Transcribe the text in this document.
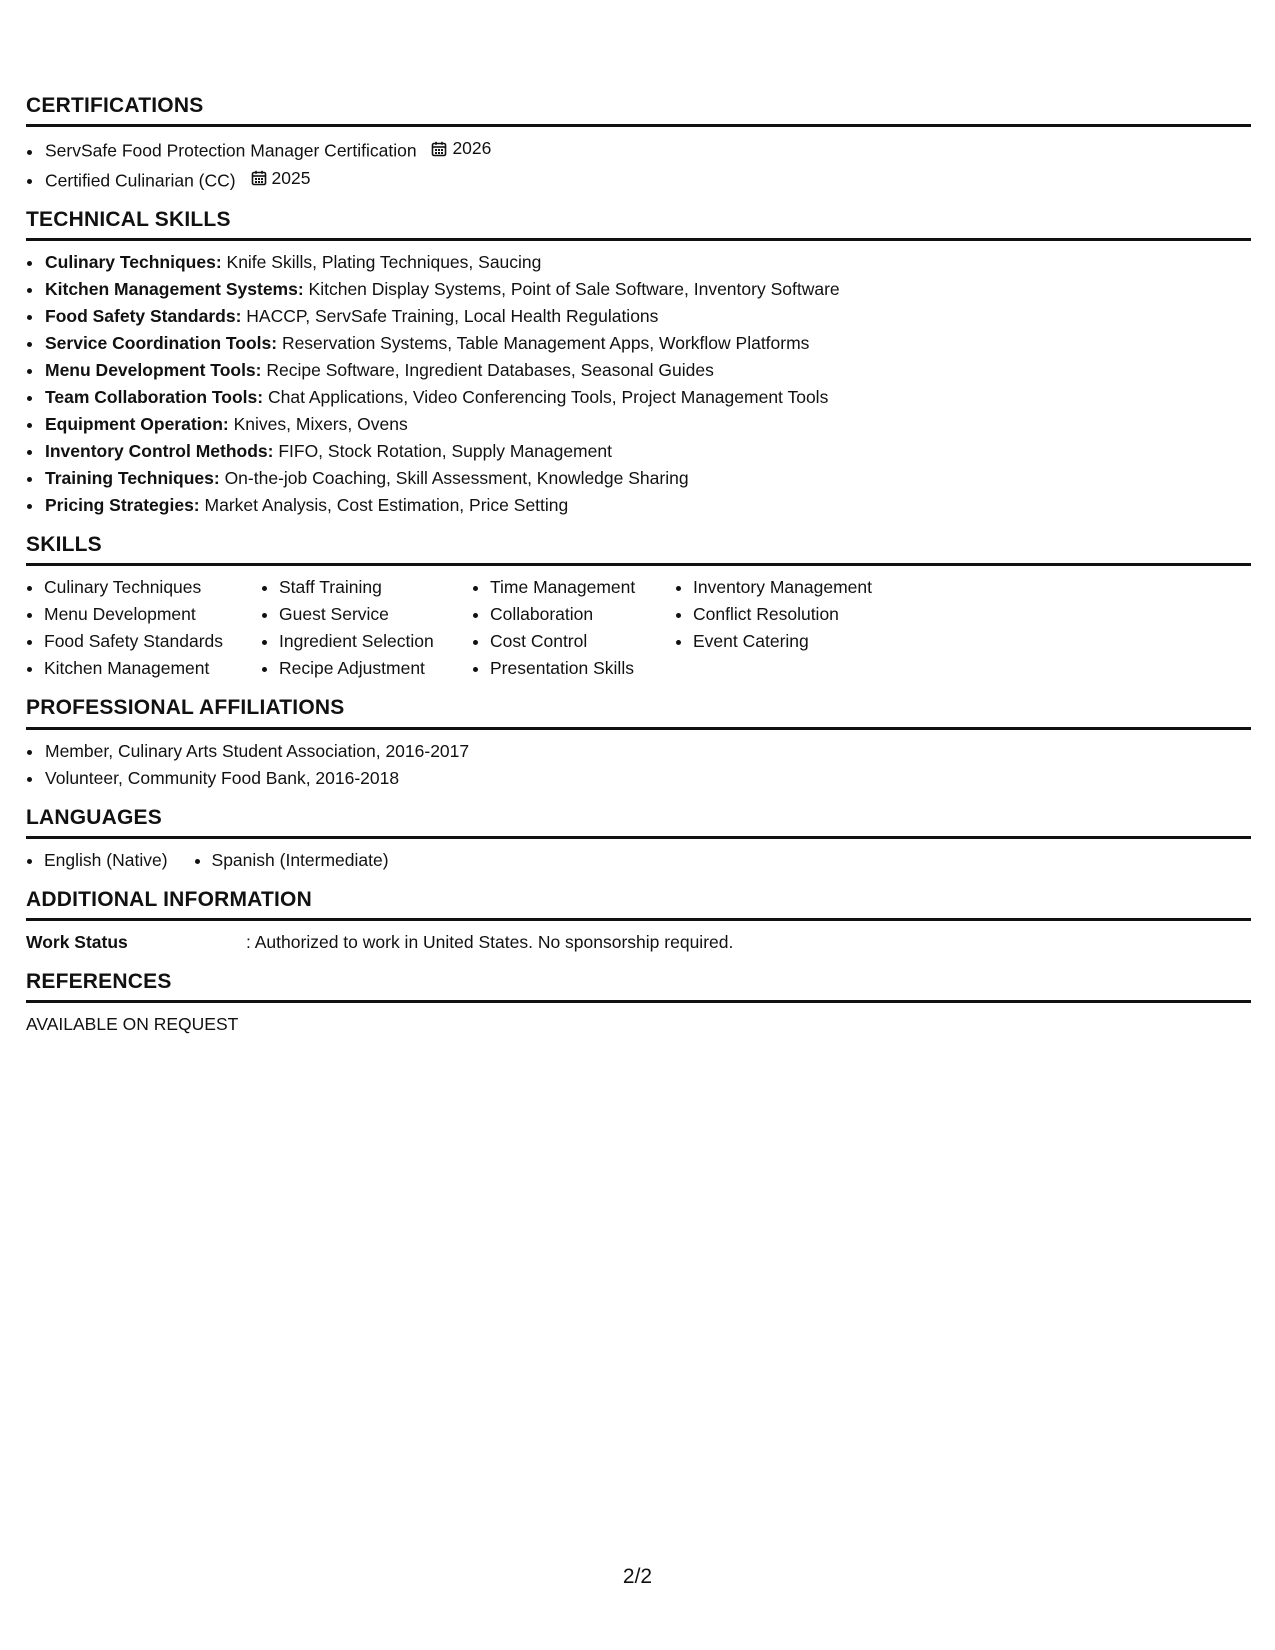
CERTIFICATIONS
• ServSafe Food Protection Manager Certification 2026
• Certified Culinarian (CC) 2025
TECHNICAL SKILLS
• Culinary Techniques: Knife Skills, Plating Techniques, Saucing
• Kitchen Management Systems: Kitchen Display Systems, Point of Sale Software, Inventory Software
• Food Safety Standards: HACCP, ServSafe Training, Local Health Regulations
• Service Coordination Tools: Reservation Systems, Table Management Apps, Workflow Platforms
• Menu Development Tools: Recipe Software, Ingredient Databases, Seasonal Guides
• Team Collaboration Tools: Chat Applications, Video Conferencing Tools, Project Management Tools
• Equipment Operation: Knives, Mixers, Ovens
• Inventory Control Methods: FIFO, Stock Rotation, Supply Management
• Training Techniques: On-the-job Coaching, Skill Assessment, Knowledge Sharing
• Pricing Strategies: Market Analysis, Cost Estimation, Price Setting
SKILLS
• Culinary Techniques
• Menu Development
• Food Safety Standards
• Kitchen Management
• Staff Training
• Guest Service
• Ingredient Selection
• Recipe Adjustment
• Time Management
• Collaboration
• Cost Control
• Presentation Skills
• Inventory Management
• Conflict Resolution
• Event Catering
PROFESSIONAL AFFILIATIONS
• Member, Culinary Arts Student Association, 2016-2017
• Volunteer, Community Food Bank, 2016-2018
LANGUAGES
• English (Native)
•	Spanish (Intermediate)
ADDITIONAL INFORMATION
Work Status	: Authorized to work in United States. No sponsorship required.
REFERENCES
AVAILABLE ON REQUEST
2/2
